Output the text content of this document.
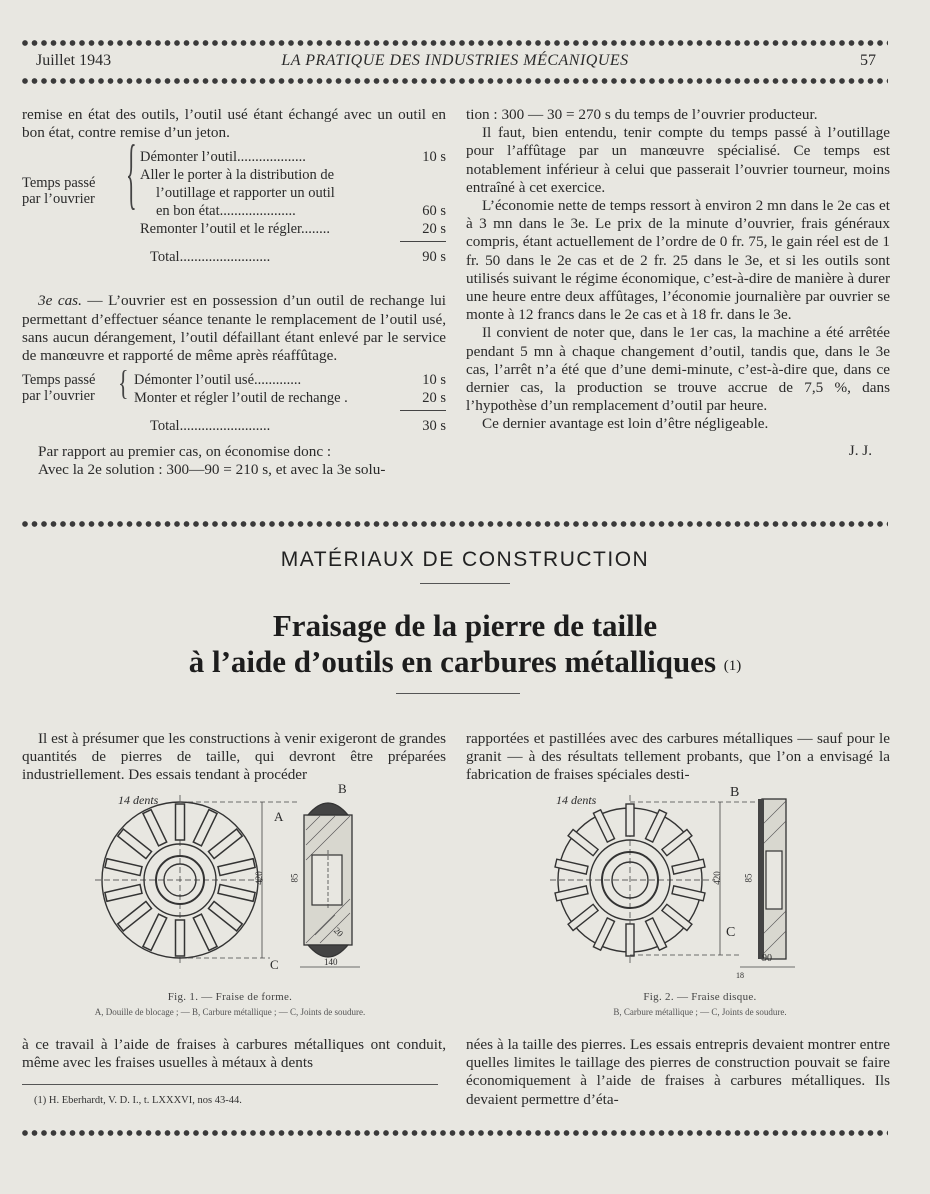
Juillet 1943	LA PRATIQUE DES INDUSTRIES MÉCANIQUES	57

remise en état des outils, l’outil usé étant échangé avec un outil en bon état, contre remise d’un jeton.

Temps passé
par l’ouvrier { Démonter l’outil...................	10 s
Aller le porter à la distribution de
l’outillage et rapporter un outil
en bon état.....................	60 s
Remonter l’outil et le régler........	20 s
Total.........................	90 s

3e cas. — L’ouvrier est en possession d’un outil de rechange lui permettant d’effectuer séance tenante le remplacement de l’outil usé, sans aucun dérangement, l’outil défaillant étant enlevé par le service de manœuvre et rapporté de même après réaffûtage.

Temps passé
par l’ouvrier { Démonter l’outil usé.............	10 s
Monter et régler l’outil de rechange .	20 s
Total.........................	30 s

Par rapport au premier cas, on économise donc :

Avec la 2e solution : 300—90 = 210 s, et avec la 3e solu-

tion : 300 — 30 = 270 s du temps de l’ouvrier producteur.

Il faut, bien entendu, tenir compte du temps passé à l’outillage pour l’affûtage par un manœuvre spécialisé. Ce temps est notablement inférieur à celui que passerait l’ouvrier tourneur, moins entraîné à cet exercice.

L’économie nette de temps ressort à environ 2 mn dans le 2e cas et à 3 mn dans le 3e. Le prix de la minute d’ouvrier, frais généraux compris, étant actuellement de l’ordre de 0 fr. 75, le gain réel est de 1 fr. 50 dans le 2e cas et de 2 fr. 25 dans le 3e, et si les outils sont utilisés suivant le régime économique, c’est-à-dire de manière à durer une heure entre deux affûtages, l’économie journalière par ouvrier se monte à 12 francs dans le 2e cas et à 18 fr. dans le 3e.

Il convient de noter que, dans le 1er cas, la machine a été arrêtée pendant 5 mn à chaque changement d’outil, tandis que, dans le 3e cas, l’arrêt n’a été que d’une demi-minute, c’est-à-dire que, dans ce dernier cas, la production se trouve accrue de 7,5 %, dans l’hypothèse d’un remplacement d’outil par heure.

Ce dernier avantage est loin d’être négligeable.

J. J.

MATÉRIAUX DE CONSTRUCTION
Fraisage de la pierre de taille
à l’aide d’outils en carbures métalliques $^{(1)}$

Il est à présumer que les constructions à venir exigeront de grandes quantités de pierres de taille, qui devront être préparées industriellement. Des essais tendant à procéder

rapportées et pastillées avec des carbures métalliques — sauf pour le granit — à des résultats tellement probants, que l’on a envisagé la fabrication de fraises spéciales desti-

14 dents
A
B
C
420	85
140
20
Fig. 1. — Fraise de forme.
A, Douille de blocage ; — B, Carbure métallique ; — C, Joints de soudure.
14 dents	B
C
420 85
90
18
Fig. 2. — Fraise disque.
B, Carbure métallique ; — C, Joints de soudure.

à ce travail à l’aide de fraises à carbures métalliques ont conduit, même avec les fraises usuelles à métaux à dents

nées à la taille des pierres. Les essais entrepris devaient montrer entre quelles limites le taillage des pierres de construction pouvait se faire économiquement à l’aide de fraises à carbures métalliques. Ils devaient permettre d’éta-

(1) H. Eberhardt, V. D. I., t. LXXXVI, nos 43-44.
